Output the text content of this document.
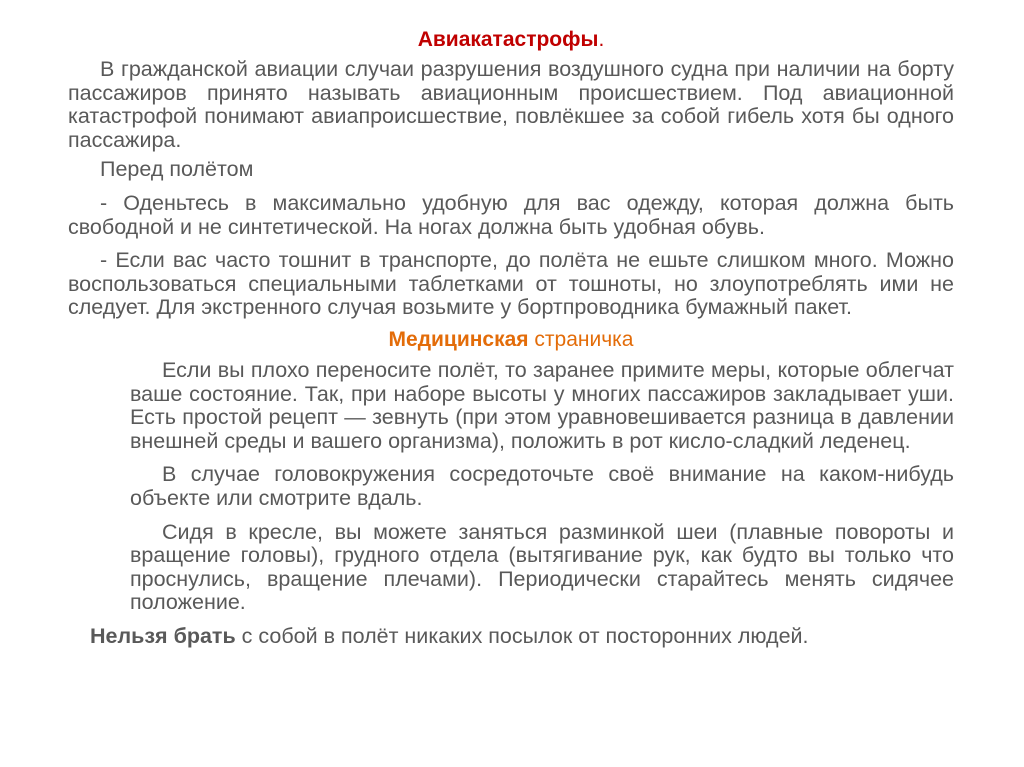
Авиакатастрофы.

В гражданской авиации случаи разрушения воздушного судна при наличии на борту пассажиров принято называть авиационным происшествием. Под авиационной катастрофой понимают авиапроисшествие, повлёкшее за собой гибель хотя бы одного пассажира.

Перед полётом

- Оденьтесь в максимально удобную для вас одежду, которая должна быть свободной и не синтетической. На ногах должна быть удобная обувь.

- Если вас часто тошнит в транспорте, до полёта не ешьте слишком много. Можно воспользоваться специальными таблетками от тошноты, но злоупотреблять ими не следует. Для экстренного случая возьмите у бортпроводника бумажный пакет.

Медицинская страничка

Если вы плохо переносите полёт, то заранее примите меры, которые облегчат ваше состояние. Так, при наборе высоты у многих пассажиров закладывает уши. Есть простой рецепт — зевнуть (при этом уравновешивается разница в давлении внешней среды и вашего организма), положить в рот кисло-сладкий леденец.

В случае головокружения сосредоточьте своё внимание на каком-нибудь объекте или смотрите вдаль.

Сидя в кресле, вы можете заняться разминкой шеи (плавные повороты и вращение головы), грудного отдела (вытягивание рук, как будто вы только что проснулись, вращение плечами). Периодически старайтесь менять сидячее положение.

Нельзя брать с собой в полёт никаких посылок от посторонних людей.
